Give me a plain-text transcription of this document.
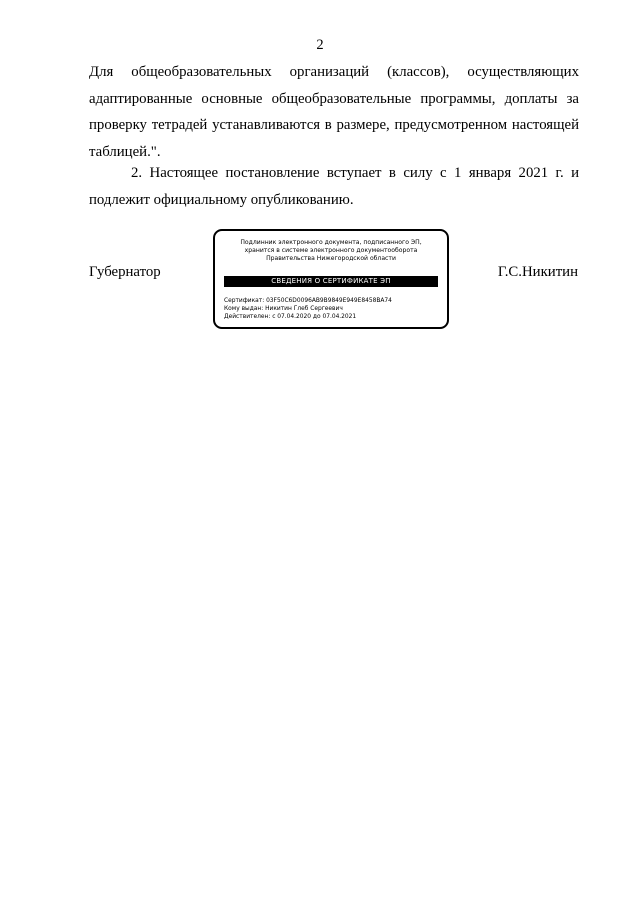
2
Для общеобразовательных организаций (классов), осуществляющих адаптированные основные общеобразовательные программы, доплаты за проверку тетрадей устанавливаются в размере, предусмотренном настоящей таблицей.".
2. Настоящее постановление вступает в силу с 1 января 2021 г. и подлежит официальному опубликованию.
Губернатор	Г.С.Никитин
Подлинник электронного документа, подписанного ЭП,
хранится в системе электронного документооборота
Правительства Нижегородской области
СВЕДЕНИЯ О СЕРТИФИКАТЕ ЭП
Сертификат: 03F50C6D0096AB9B9849E949E8458BA74
Кому выдан: Никитин Глеб Сергеевич
Действителен: с 07.04.2020 до 07.04.2021
